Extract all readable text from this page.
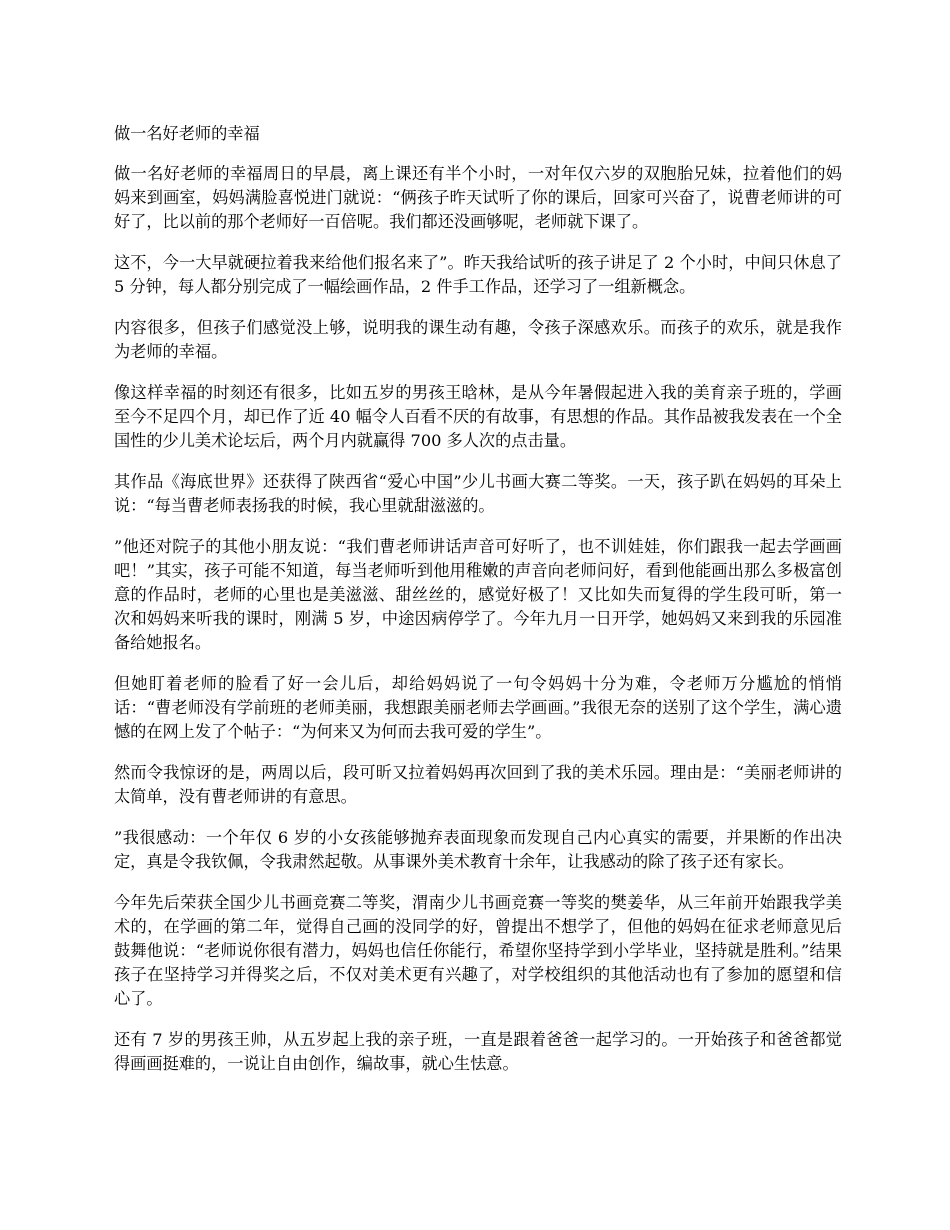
做一名好老师的幸福

做一名好老师的幸福周日的早晨，离上课还有半个小时，一对年仅六岁的双胞胎兄妹，拉着他们的妈妈来到画室，妈妈满脸喜悦进门就说：“俩孩子昨天试听了你的课后，回家可兴奋了，说曹老师讲的可好了，比以前的那个老师好一百倍呢。我们都还没画够呢，老师就下课了。

这不，今一大早就硬拉着我来给他们报名来了”。昨天我给试听的孩子讲足了 2 个小时，中间只休息了 5 分钟，每人都分别完成了一幅绘画作品，2 件手工作品，还学习了一组新概念。

内容很多，但孩子们感觉没上够，说明我的课生动有趣，令孩子深感欢乐。而孩子的欢乐，就是我作为老师的幸福。

像这样幸福的时刻还有很多，比如五岁的男孩王晗林，是从今年暑假起进入我的美育亲子班的，学画至今不足四个月，却已作了近 40 幅令人百看不厌的有故事，有思想的作品。其作品被我发表在一个全国性的少儿美术论坛后，两个月内就赢得 700 多人次的点击量。

其作品《海底世界》还获得了陕西省“爱心中国”少儿书画大赛二等奖。一天，孩子趴在妈妈的耳朵上说：“每当曹老师表扬我的时候，我心里就甜滋滋的。

”他还对院子的其他小朋友说：“我们曹老师讲话声音可好听了，也不训娃娃，你们跟我一起去学画画吧！”其实，孩子可能不知道，每当老师听到他用稚嫩的声音向老师问好，看到他能画出那么多极富创意的作品时，老师的心里也是美滋滋、甜丝丝的，感觉好极了！又比如失而复得的学生段可昕，第一次和妈妈来听我的课时，刚满 5 岁，中途因病停学了。今年九月一日开学，她妈妈又来到我的乐园准备给她报名。

但她盯着老师的脸看了好一会儿后，却给妈妈说了一句令妈妈十分为难，令老师万分尴尬的悄悄话：“曹老师没有学前班的老师美丽，我想跟美丽老师去学画画。”我很无奈的送别了这个学生，满心遗憾的在网上发了个帖子：“为何来又为何而去我可爱的学生”。

然而令我惊讶的是，两周以后，段可昕又拉着妈妈再次回到了我的美术乐园。理由是：“美丽老师讲的太简单，没有曹老师讲的有意思。

”我很感动：一个年仅 6 岁的小女孩能够抛弃表面现象而发现自己内心真实的需要，并果断的作出决定，真是令我钦佩，令我肃然起敬。从事课外美术教育十余年，让我感动的除了孩子还有家长。

今年先后荣获全国少儿书画竞赛二等奖，渭南少儿书画竞赛一等奖的樊姜华，从三年前开始跟我学美术的，在学画的第二年，觉得自己画的没同学的好，曾提出不想学了，但他的妈妈在征求老师意见后鼓舞他说：“老师说你很有潜力，妈妈也信任你能行，希望你坚持学到小学毕业，坚持就是胜利。”结果孩子在坚持学习并得奖之后，不仅对美术更有兴趣了，对学校组织的其他活动也有了参加的愿望和信心了。

还有 7 岁的男孩王帅，从五岁起上我的亲子班，一直是跟着爸爸一起学习的。一开始孩子和爸爸都觉得画画挺难的，一说让自由创作，编故事，就心生怯意。
